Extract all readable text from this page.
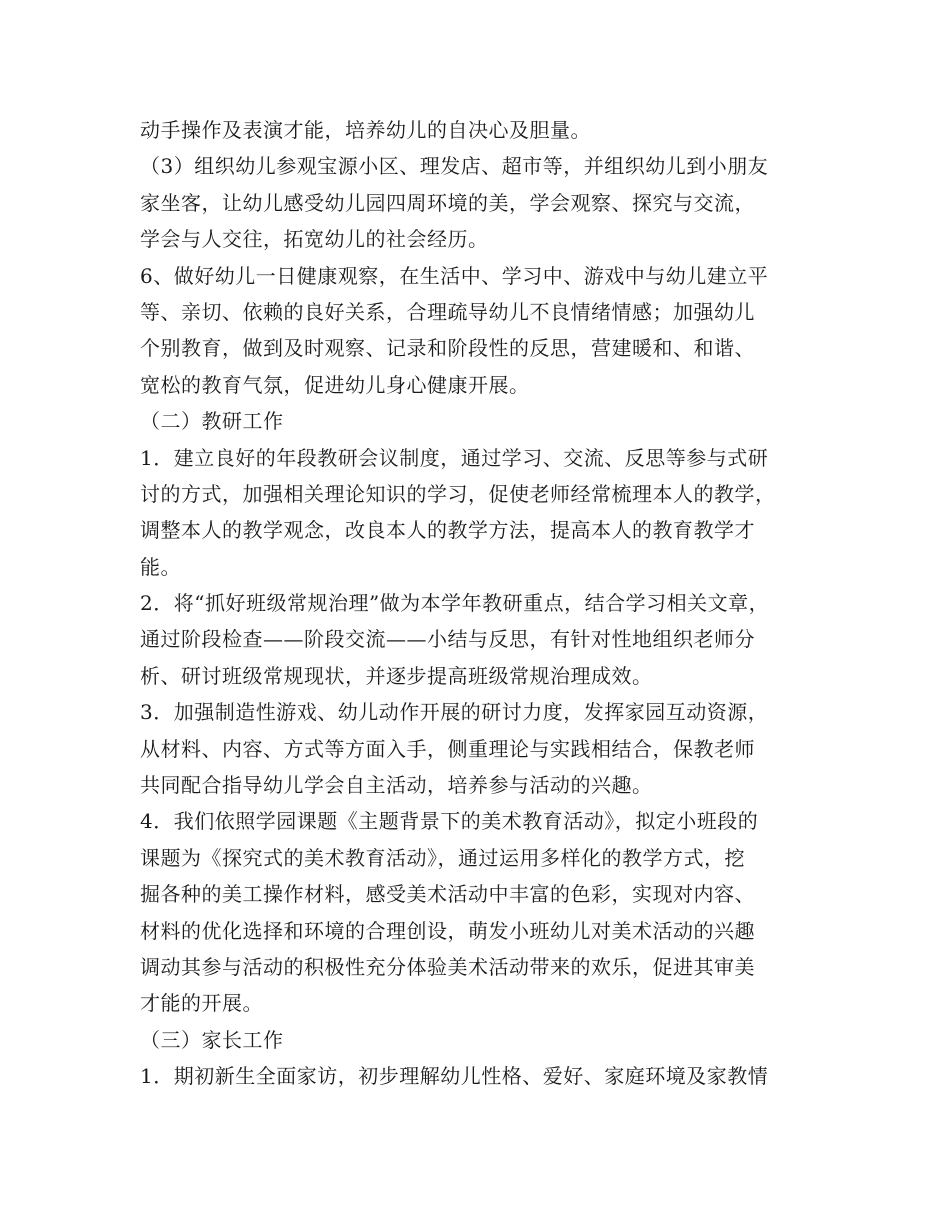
动手操作及表演才能，培养幼儿的自决心及胆量。
（3）组织幼儿参观宝源小区、理发店、超市等，并组织幼儿到小朋友
家坐客，让幼儿感受幼儿园四周环境的美，学会观察、探究与交流，
学会与人交往，拓宽幼儿的社会经历。
6、做好幼儿一日健康观察，在生活中、学习中、游戏中与幼儿建立平
等、亲切、依赖的良好关系，合理疏导幼儿不良情绪情感；加强幼儿
个别教育，做到及时观察、记录和阶段性的反思，营建暖和、和谐、
宽松的教育气氛，促进幼儿身心健康开展。
（二）教研工作
1．建立良好的年段教研会议制度，通过学习、交流、反思等参与式研
讨的方式，加强相关理论知识的学习，促使老师经常梳理本人的教学，
调整本人的教学观念，改良本人的教学方法，提高本人的教育教学才
能。
2．将“抓好班级常规治理”做为本学年教研重点，结合学习相关文章，
通过阶段检查——阶段交流——小结与反思，有针对性地组织老师分
析、研讨班级常规现状，并逐步提高班级常规治理成效。
3．加强制造性游戏、幼儿动作开展的研讨力度，发挥家园互动资源，
从材料、内容、方式等方面入手，侧重理论与实践相结合，保教老师
共同配合指导幼儿学会自主活动，培养参与活动的兴趣。
4．我们依照学园课题《主题背景下的美术教育活动》，拟定小班段的
课题为《探究式的美术教育活动》，通过运用多样化的教学方式，挖
掘各种的美工操作材料，感受美术活动中丰富的色彩，实现对内容、
材料的优化选择和环境的合理创设，萌发小班幼儿对美术活动的兴趣
调动其参与活动的积极性充分体验美术活动带来的欢乐，促进其审美
才能的开展。
（三）家长工作
1．期初新生全面家访，初步理解幼儿性格、爱好、家庭环境及家教情
